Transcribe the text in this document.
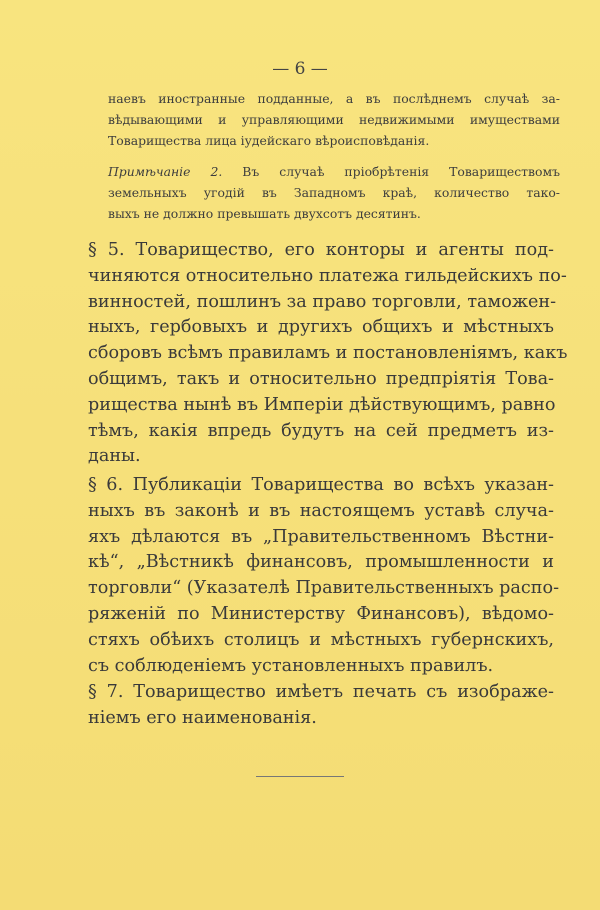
— 6 —

наевъ иностранные подданные, а въ послѣднемъ случаѣ за-

вѣдывающими и управляющими недвижимыми имуществами

Товарищества лица іудейскаго вѣроисповѣданія.

Примѣчаніе 2. Въ случаѣ пріобрѣтенія Товариществомъ

земельныхъ угодій въ Западномъ краѣ, количество тако-

выхъ не должно превышать двухсотъ десятинъ.

§ 5. Товарищество, его конторы и агенты под-

чиняются относительно платежа гильдейскихъ по-

винностей, пошлинъ за право торговли, таможен-

ныхъ, гербовыхъ и другихъ общихъ и мѣстныхъ

сборовъ всѣмъ правиламъ и постановленіямъ, какъ

общимъ, такъ и относительно предпріятія Това-

рищества нынѣ въ Имперіи дѣйствующимъ, равно

тѣмъ, какія впредь будутъ на сей предметъ из-

даны.

§ 6. Публикаціи Товарищества во всѣхъ указан-

ныхъ въ законѣ и въ настоящемъ уставѣ случа-

яхъ дѣлаются въ „Правительственномъ Вѣстни-

кѣ“, „Вѣстникѣ финансовъ, промышленности и

торговли“ (Указателѣ Правительственныхъ распо-

ряженій по Министерству Финансовъ), вѣдомо-

стяхъ обѣихъ столицъ и мѣстныхъ губернскихъ,

съ соблюденіемъ установленныхъ правилъ.

§ 7. Товарищество имѣетъ печать съ изображе-

ніемъ его наименованія.
